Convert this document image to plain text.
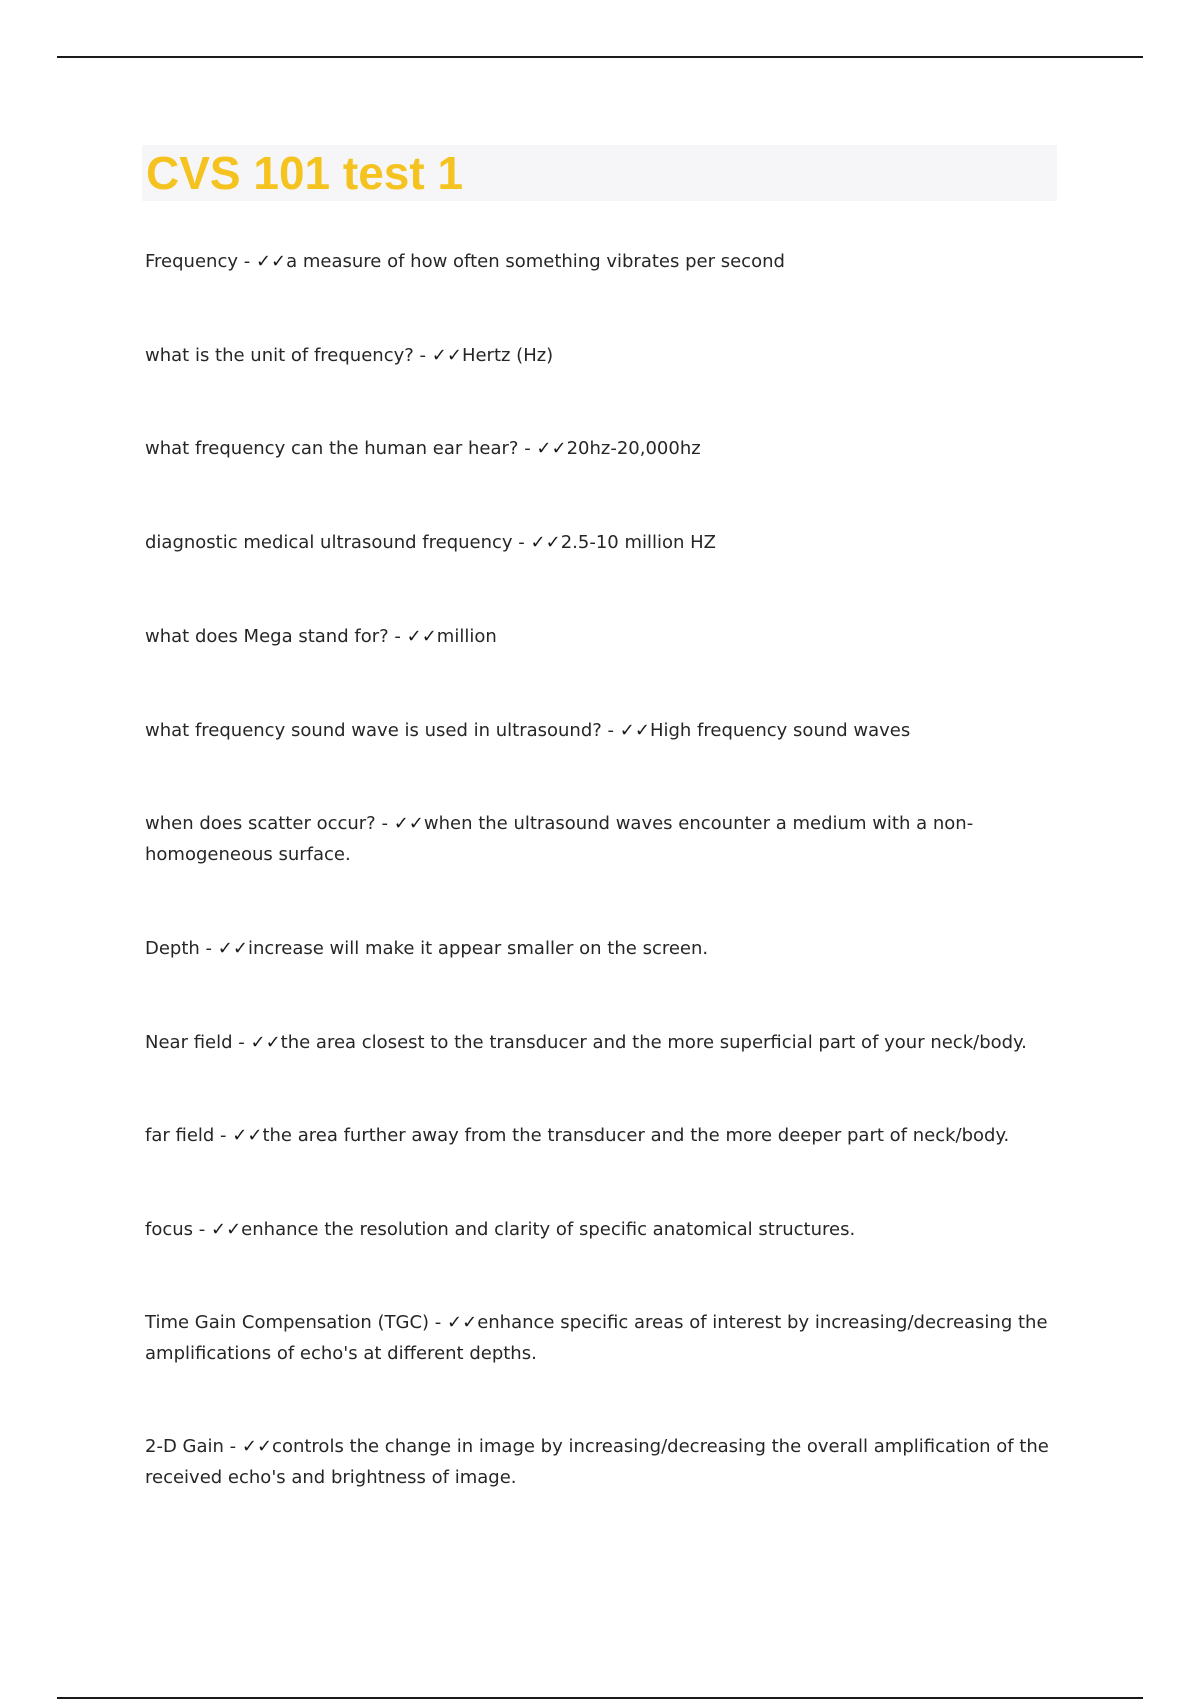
CVS 101 test 1

Frequency - ✓✓a measure of how often something vibrates per second

what is the unit of frequency? - ✓✓Hertz (Hz)

what frequency can the human ear hear? - ✓✓20hz-20,000hz

diagnostic medical ultrasound frequency - ✓✓2.5-10 million HZ

what does Mega stand for? - ✓✓million

what frequency sound wave is used in ultrasound? - ✓✓High frequency sound waves

when does scatter occur? - ✓✓when the ultrasound waves encounter a medium with a non-homogeneous surface.

Depth - ✓✓increase will make it appear smaller on the screen.

Near field - ✓✓the area closest to the transducer and the more superficial part of your neck/body.

far field - ✓✓the area further away from the transducer and the more deeper part of neck/body.

focus - ✓✓enhance the resolution and clarity of specific anatomical structures.

Time Gain Compensation (TGC) - ✓✓enhance specific areas of interest by increasing/decreasing the amplifications of echo's at different depths.

2-D Gain - ✓✓controls the change in image by increasing/decreasing the overall amplification of the received echo's and brightness of image.
